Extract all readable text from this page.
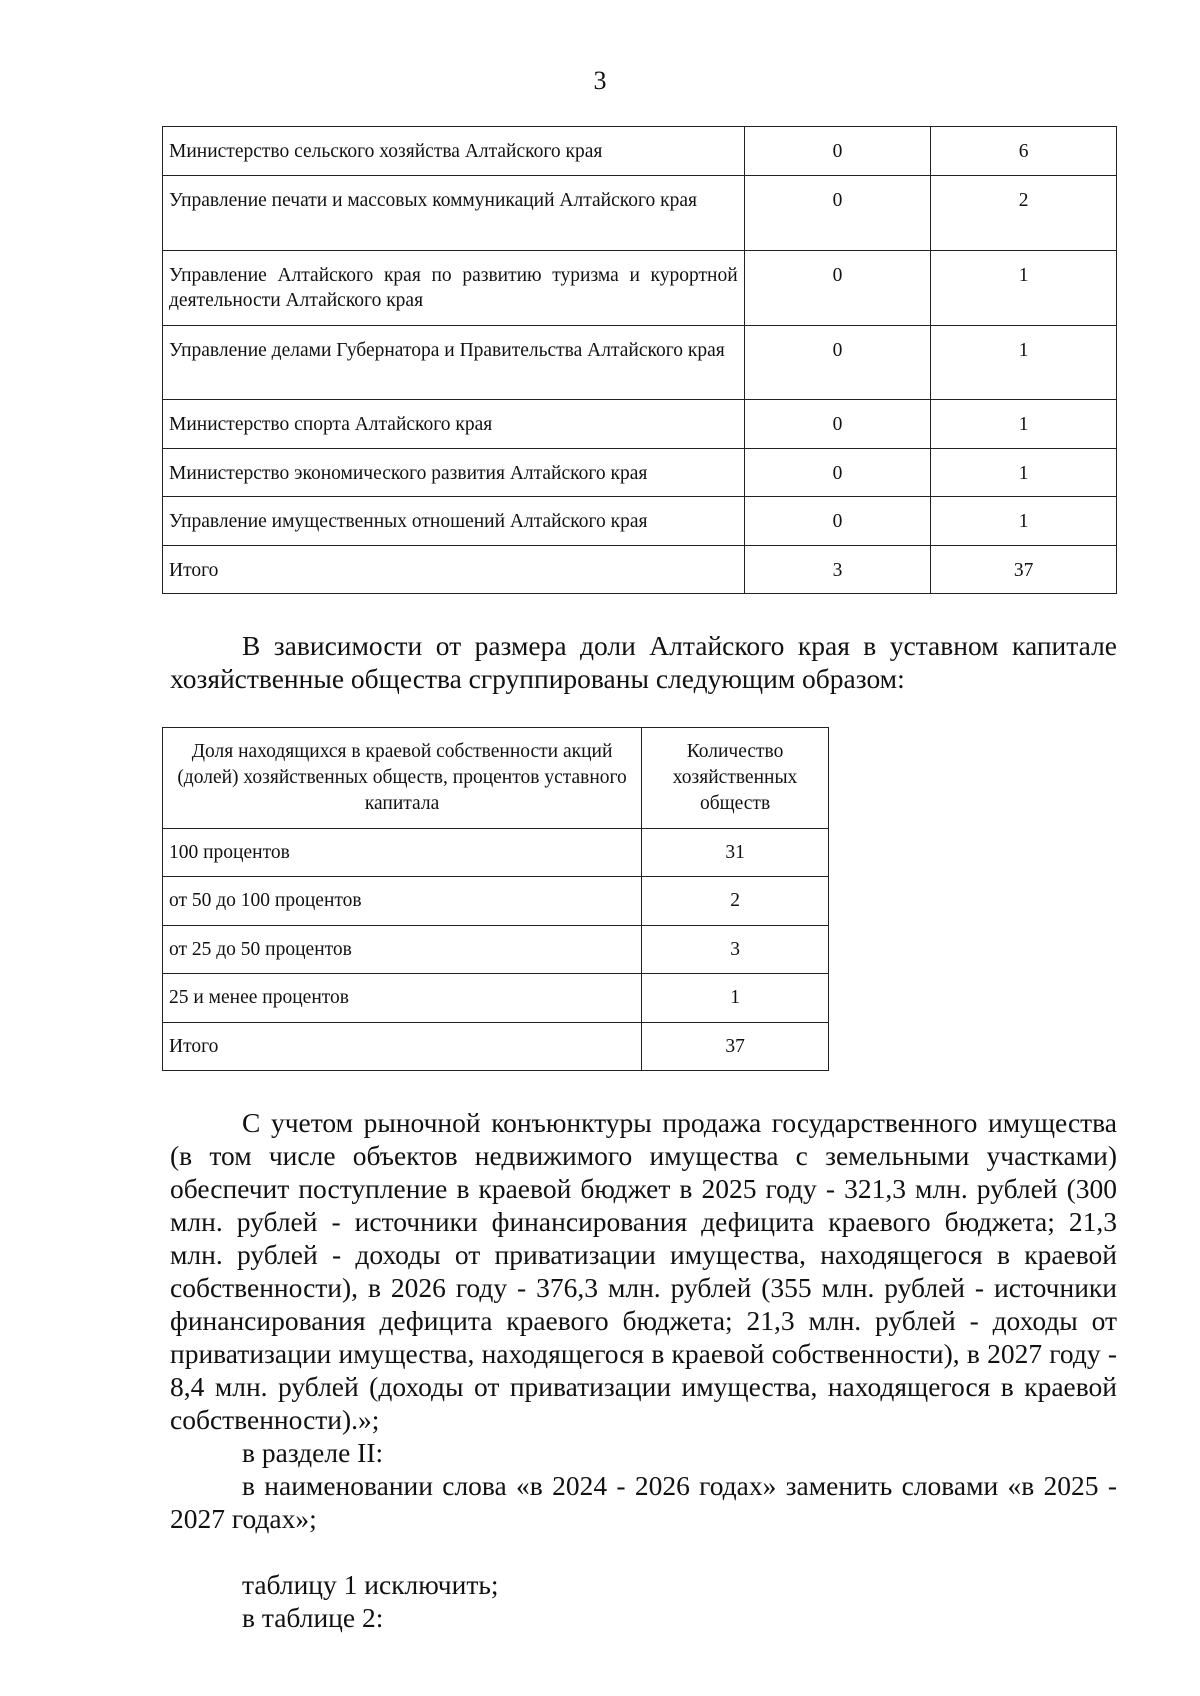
3
Министерство сельского хозяйства Алтайского края	0	6
Управление печати и массовых коммуникаций Алтайского края	0	2
Управление Алтайского края по развитию туризма и курортной деятельности Алтайского края	0	1
Управление делами Губернатора и Правительства Алтайского края	0	1
Министерство спорта Алтайского края	0	1
Министерство экономического развития Алтайского края	0	1
Управление имущественных отношений Алтайского края	0	1
Итого	3	37

В зависимости от размера доли Алтайского края в уставном капитале хозяйственные общества сгруппированы следующим образом:

Доля находящихся в краевой собственности акций (долей) хозяйственных обществ, процентов уставного капитала	Количество хозяйственных обществ
100 процентов	31
от 50 до 100 процентов	2
от 25 до 50 процентов	3
25 и менее процентов	1
Итого	37

С учетом рыночной конъюнктуры продажа государственного имущества (в том числе объектов недвижимого имущества с земельными участками) обеспечит поступление в краевой бюджет в 2025 году - 321,3 млн. рублей (300 млн. рублей - источники финансирования дефицита краевого бюджета; 21,3 млн. рублей - доходы от приватизации имущества, находящегося в краевой собственности), в 2026 году - 376,3 млн. рублей (355 млн. рублей - источники финансирования дефицита краевого бюджета; 21,3 млн. рублей - доходы от приватизации имущества, находящегося в краевой собственности), в 2027 году - 8,4 млн. рублей (доходы от приватизации имущества, находящегося в краевой собственности).»;

в разделе II:

в наименовании слова «в 2024 - 2026 годах» заменить словами «в 2025 - 2027 годах»;

таблицу 1 исключить;

в таблице 2:
